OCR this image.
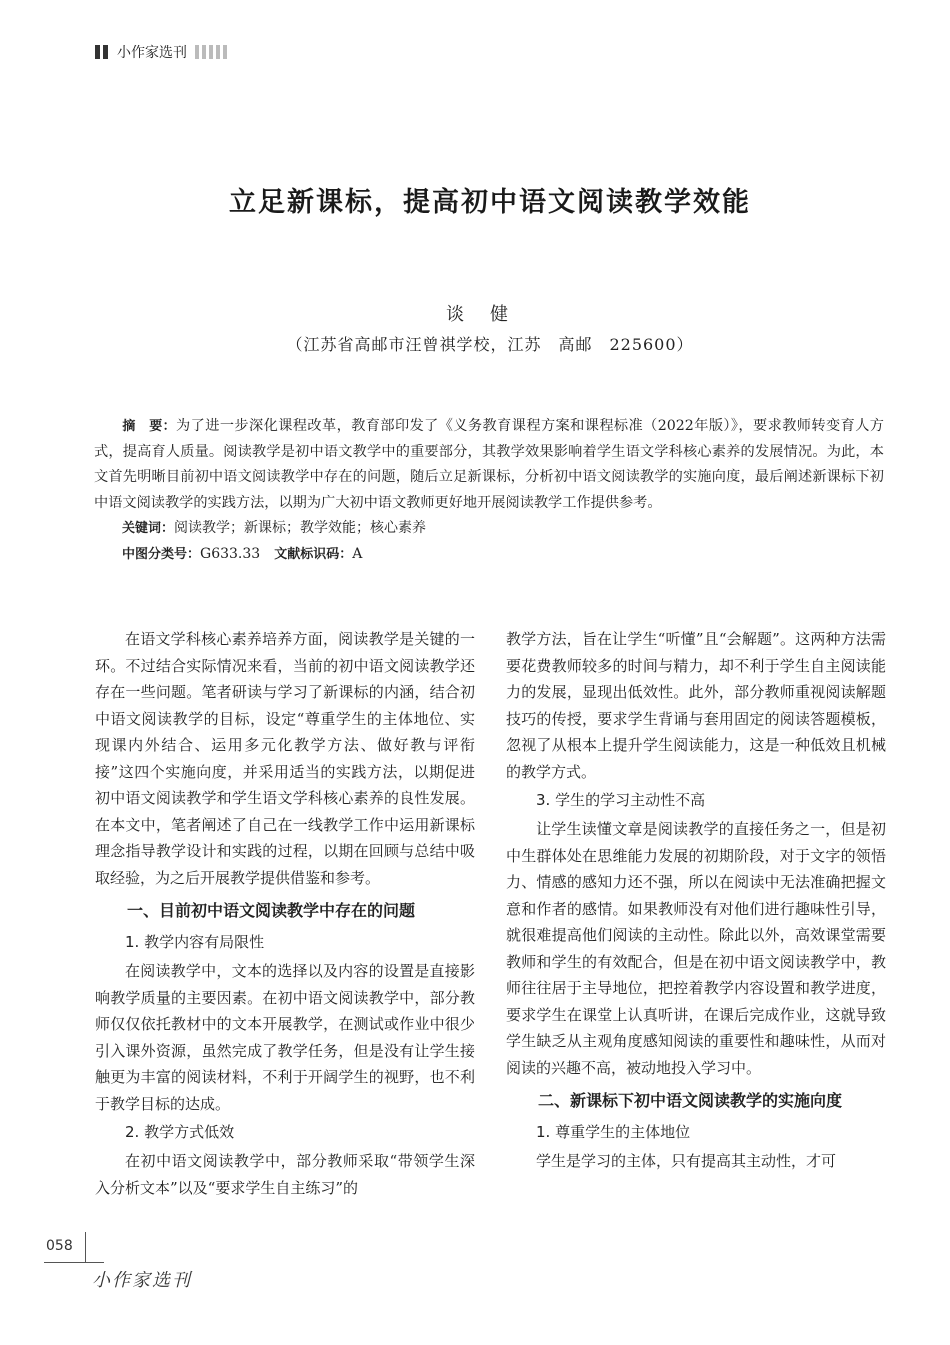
小作家选刊
立足新课标，提高初中语文阅读教学效能
谈健
（江苏省高邮市汪曾祺学校，江苏　高邮　225600）

摘　要：为了进一步深化课程改革，教育部印发了《义务教育课程方案和课程标准（2022年版）》，要求教师转变育人方式，提高育人质量。阅读教学是初中语文教学中的重要部分，其教学效果影响着学生语文学科核心素养的发展情况。为此，本文首先明晰目前初中语文阅读教学中存在的问题，随后立足新课标，分析初中语文阅读教学的实施向度，最后阐述新课标下初中语文阅读教学的实践方法，以期为广大初中语文教师更好地开展阅读教学工作提供参考。

关键词：阅读教学；新课标；教学效能；核心素养
中图分类号：G633.33　 文献标识码：A

在语文学科核心素养培养方面，阅读教学是关键的一环。不过结合实际情况来看，当前的初中语文阅读教学还存在一些问题。笔者研读与学习了新课标的内涵，结合初中语文阅读教学的目标，设定“尊重学生的主体地位、实现课内外结合、运用多元化教学方法、做好教与评衔接”这四个实施向度，并采用适当的实践方法，以期促进初中语文阅读教学和学生语文学科核心素养的良性发展。在本文中，笔者阐述了自己在一线教学工作中运用新课标理念指导教学设计和实践的过程，以期在回顾与总结中吸取经验，为之后开展教学提供借鉴和参考。

一、目前初中语文阅读教学中存在的问题
1. 教学内容有局限性

在阅读教学中，文本的选择以及内容的设置是直接影响教学质量的主要因素。在初中语文阅读教学中，部分教师仅仅依托教材中的文本开展教学，在测试或作业中很少引入课外资源，虽然完成了教学任务，但是没有让学生接触更为丰富的阅读材料，不利于开阔学生的视野，也不利于教学目标的达成。

2. 教学方式低效

在初中语文阅读教学中，部分教师采取“带领学生深入分析文本”以及“要求学生自主练习”的

教学方法，旨在让学生“听懂”且“会解题”。这两种方法需要花费教师较多的时间与精力，却不利于学生自主阅读能力的发展，显现出低效性。此外，部分教师重视阅读解题技巧的传授，要求学生背诵与套用固定的阅读答题模板，忽视了从根本上提升学生阅读能力，这是一种低效且机械的教学方式。

3. 学生的学习主动性不高

让学生读懂文章是阅读教学的直接任务之一，但是初中生群体处在思维能力发展的初期阶段，对于文字的领悟力、情感的感知力还不强，所以在阅读中无法准确把握文意和作者的感情。如果教师没有对他们进行趣味性引导，就很难提高他们阅读的主动性。除此以外，高效课堂需要教师和学生的有效配合，但是在初中语文阅读教学中，教师往往居于主导地位，把控着教学内容设置和教学进度，要求学生在课堂上认真听讲，在课后完成作业，这就导致学生缺乏从主观角度感知阅读的重要性和趣味性，从而对阅读的兴趣不高，被动地投入学习中。

二、新课标下初中语文阅读教学的实施向度
1. 尊重学生的主体地位

学生是学习的主体，只有提高其主动性，才可

058
小作家选刊
